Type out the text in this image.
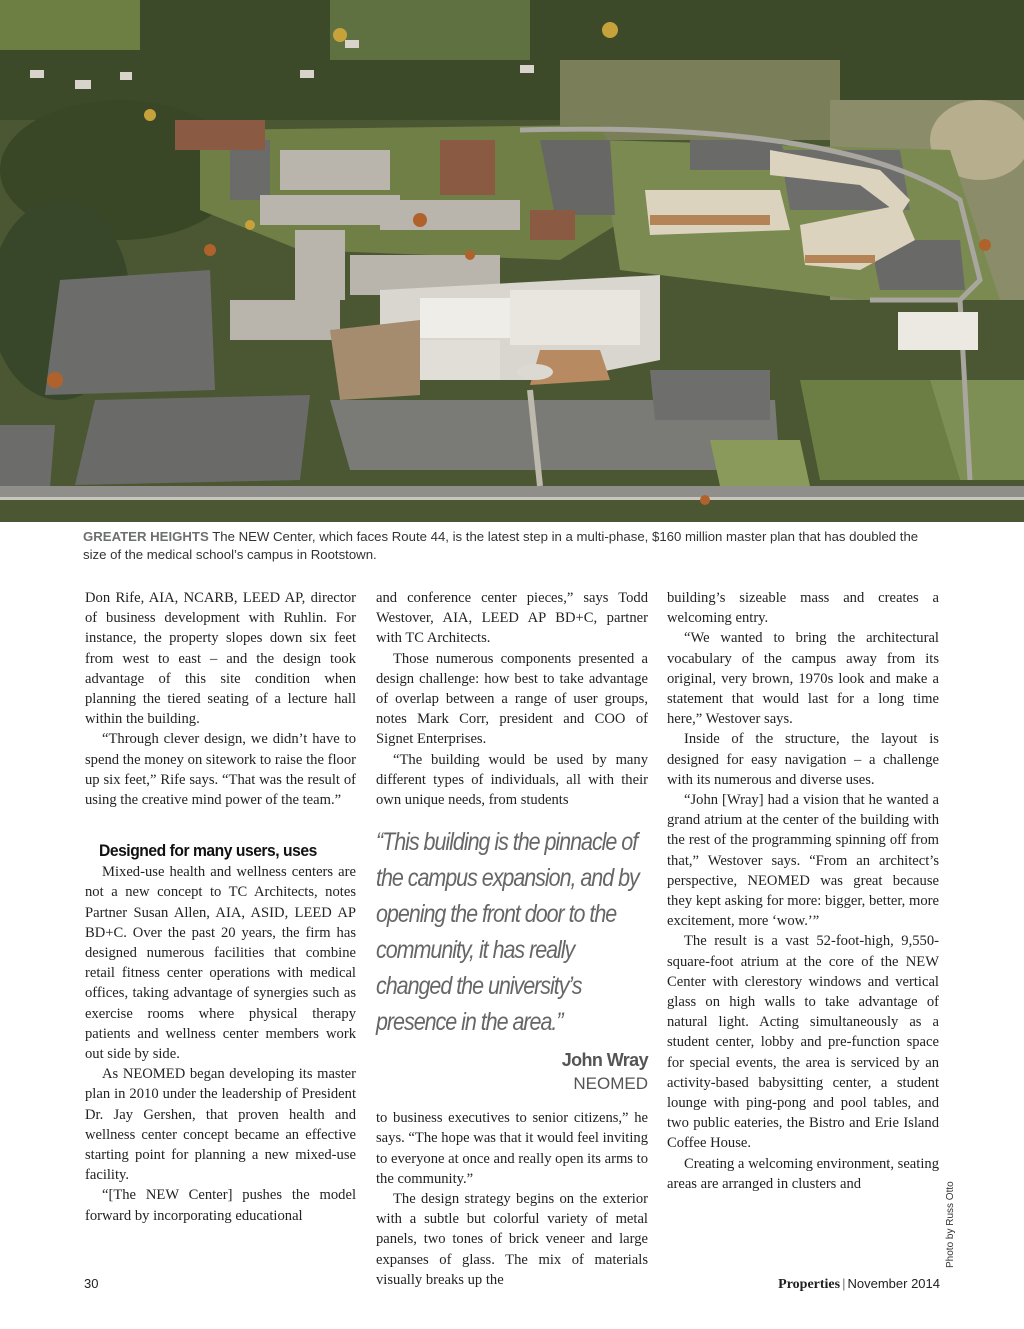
GREATER HEIGHTS The NEW Center, which faces Route 44, is the latest step in a multi-phase, $160 million master plan that has doubled the size of the medical school’s campus in Rootstown.

Don Rife, AIA, NCARB, LEED AP, director of business development with Ruhlin. For instance, the property slopes down six feet from west to east – and the design took advantage of this site condition when planning the tiered seating of a lecture hall within the building.

“Through clever design, we didn’t have to spend the money on sitework to raise the floor up six feet,” Rife says. “That was the result of using the creative mind power of the team.”

Designed for many users, uses

Mixed-use health and wellness centers are not a new concept to TC Architects, notes Partner Susan Allen, AIA, ASID, LEED AP BD+C. Over the past 20 years, the firm has designed numerous facilities that combine retail fitness center operations with medical offices, taking advantage of synergies such as exercise rooms where physical therapy patients and wellness center members work out side by side.

As NEOMED began developing its master plan in 2010 under the leadership of President Dr. Jay Gershen, that proven health and wellness center concept became an effective starting point for planning a new mixed-use facility.

“[The NEW Center] pushes the model forward by incorporating educational

and conference center pieces,” says Todd Westover, AIA, LEED AP BD+C, partner with TC Architects.

Those numerous components presented a design challenge: how best to take advantage of overlap between a range of user groups, notes Mark Corr, president and COO of Signet Enterprises.

“The building would be used by many different types of individuals, all with their own unique needs, from students

“This building is the pinnacle of the campus expansion, and by opening the front door to the community, it has really changed the university’s presence in the area.”
John Wray
NEOMED

to business executives to senior citizens,” he says. “The hope was that it would feel inviting to everyone at once and really open its arms to the community.”

The design strategy begins on the exterior with a subtle but colorful variety of metal panels, two tones of brick veneer and large expanses of glass. The mix of materials visually breaks up the

building’s sizeable mass and creates a welcoming entry.

“We wanted to bring the architectural vocabulary of the campus away from its original, very brown, 1970s look and make a statement that would last for a long time here,” Westover says.

Inside of the structure, the layout is designed for easy navigation – a challenge with its numerous and diverse uses.

“John [Wray] had a vision that he wanted a grand atrium at the center of the building with the rest of the programming spinning off from that,” Westover says. “From an architect’s perspective, NEOMED was great because they kept asking for more: bigger, better, more excitement, more ‘wow.’”

The result is a vast 52-foot-high, 9,550-square-foot atrium at the core of the NEW Center with clerestory windows and vertical glass on high walls to take advantage of natural light. Acting simultaneously as a student center, lobby and pre-function space for special events, the area is serviced by an activity-based babysitting center, a student lounge with ping-pong and pool tables, and two public eateries, the Bistro and Erie Island Coffee House.

Creating a welcoming environment, seating areas are arranged in clusters and	Photo by Russ Otto
30	Properties | November 2014
